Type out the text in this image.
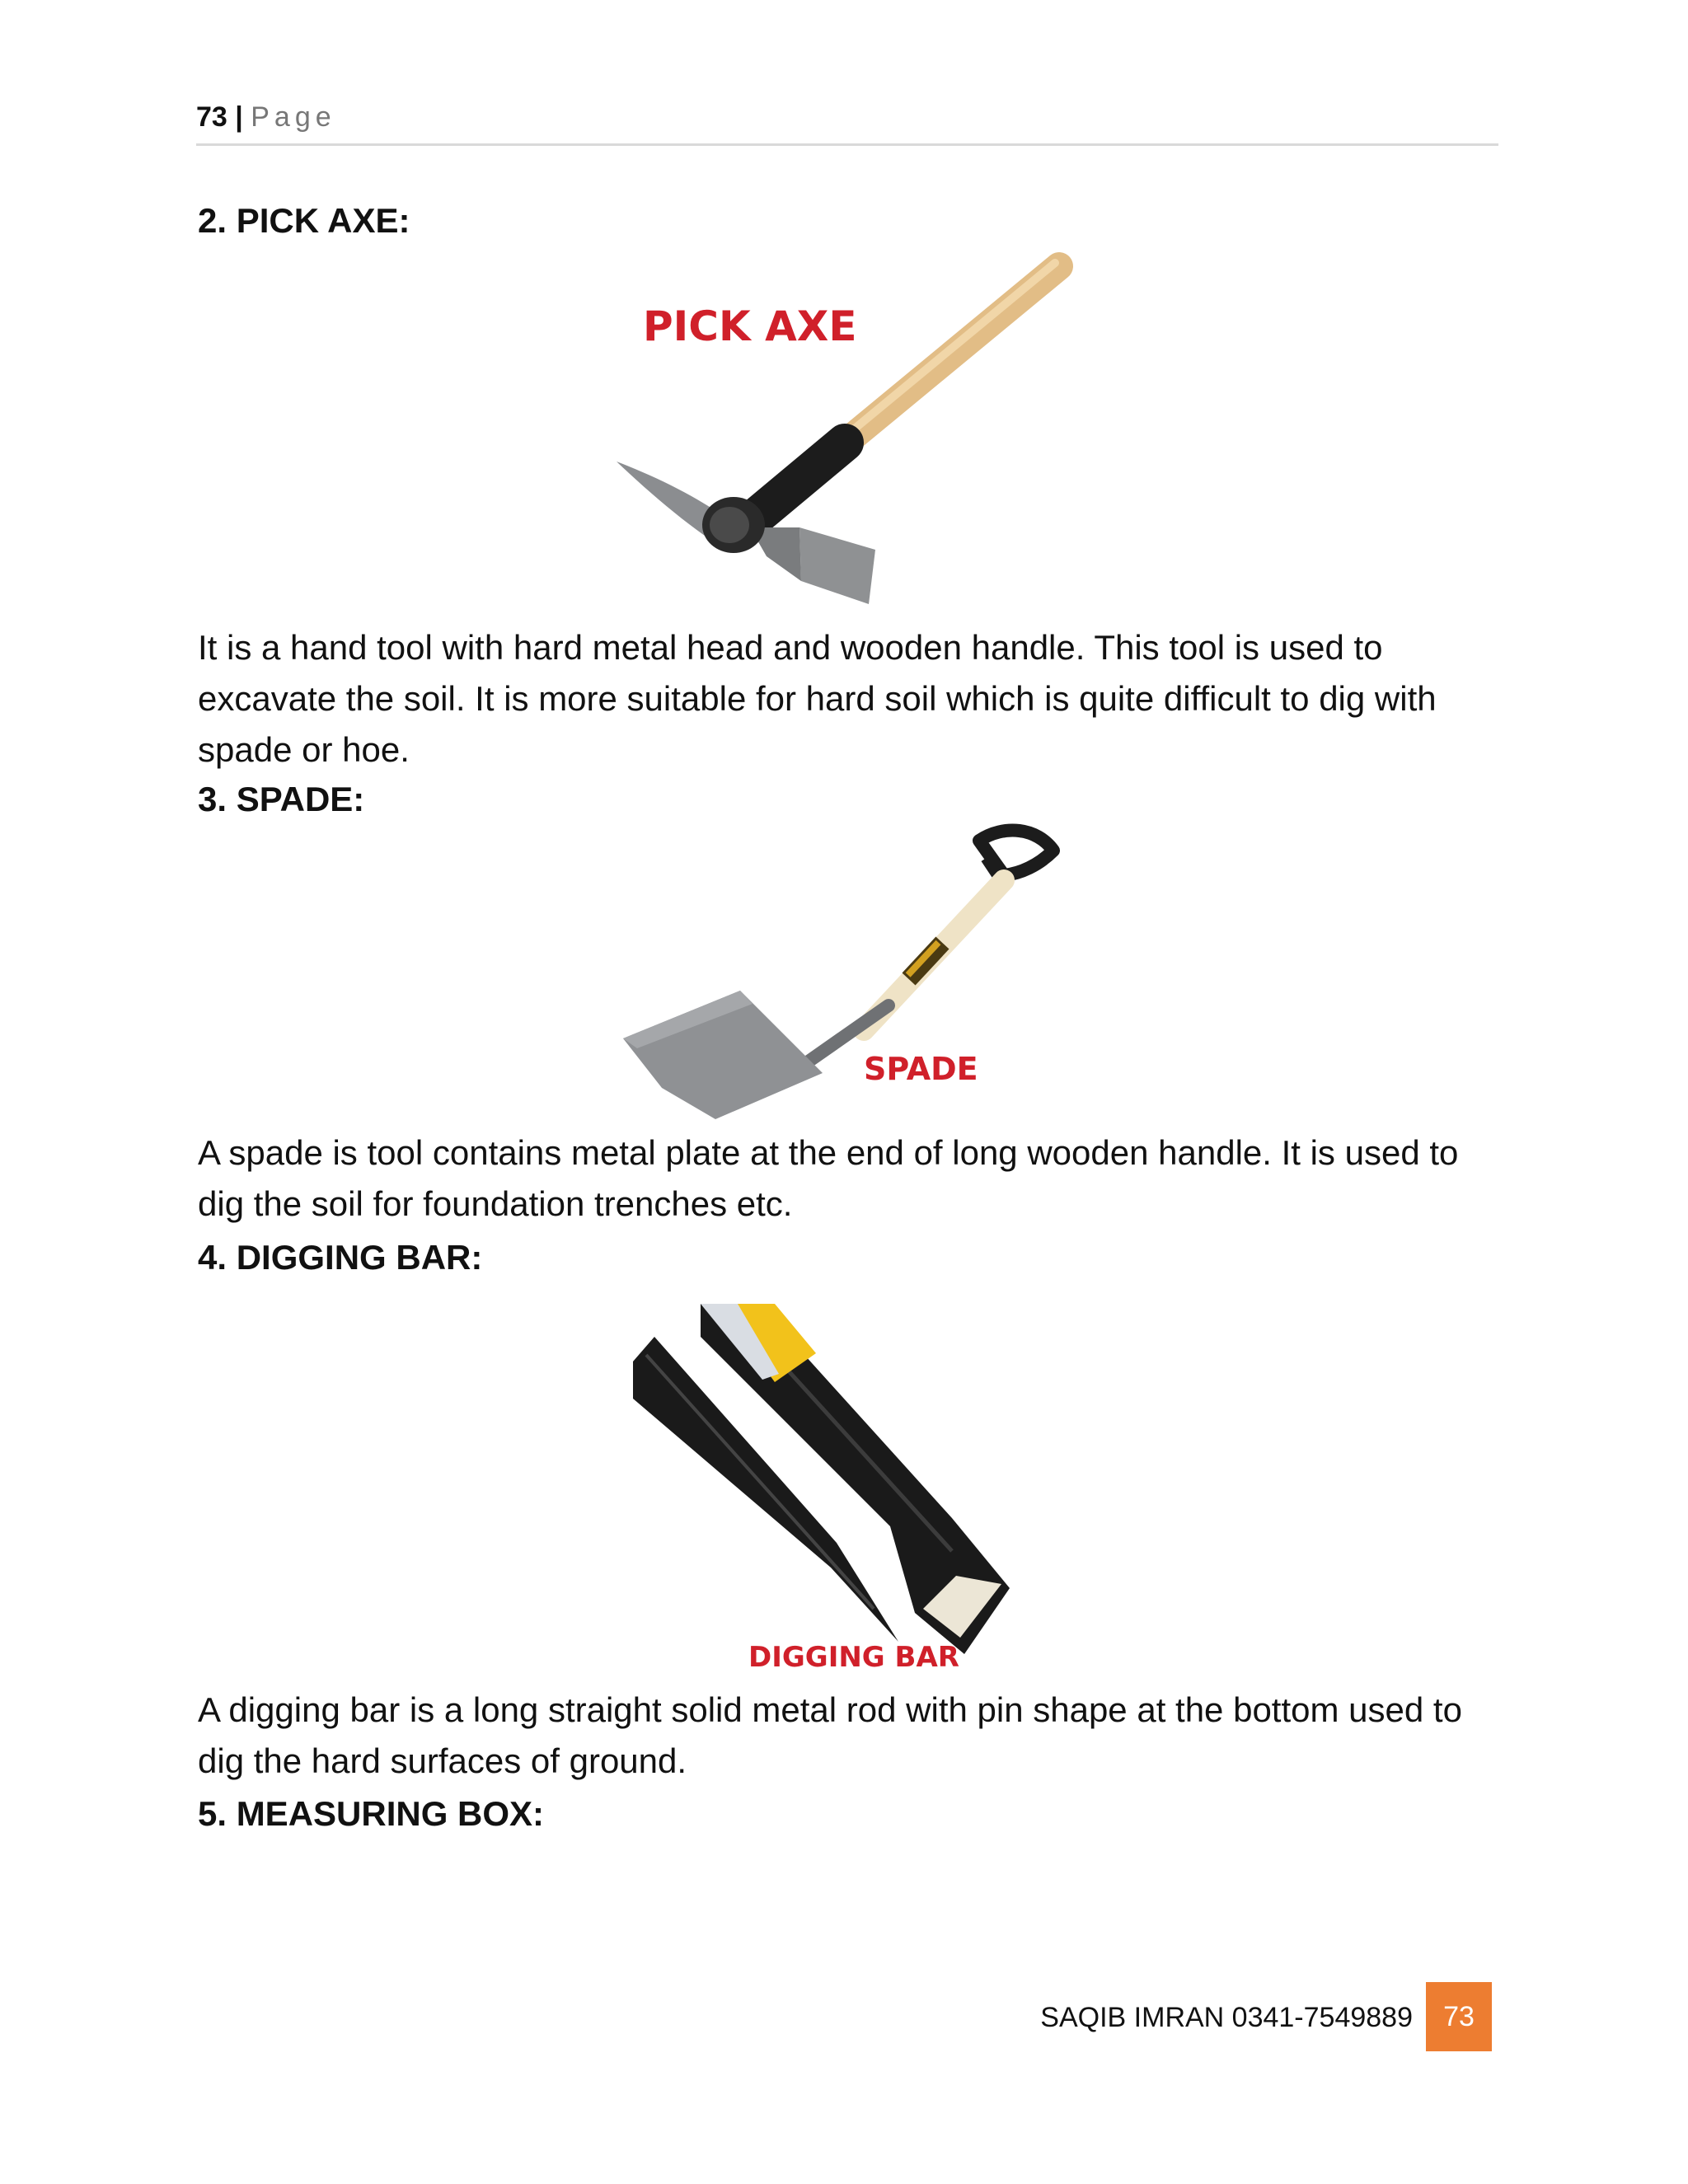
73 | Page
2. PICK AXE:
PICK AXE

It is a hand tool with hard metal head and wooden handle. This tool is used to excavate the soil. It is more suitable for hard soil which is quite difficult to dig with spade or hoe.

3. SPADE:
SPADE

A spade is tool contains metal plate at the end of long wooden handle. It is used to dig the soil for foundation trenches etc.

4. DIGGING BAR:
DIGGING BAR

A digging bar is a long straight solid metal rod with pin shape at the bottom used to dig the hard surfaces of ground.

5. MEASURING BOX:
SAQIB IMRAN 0341-7549889	73
